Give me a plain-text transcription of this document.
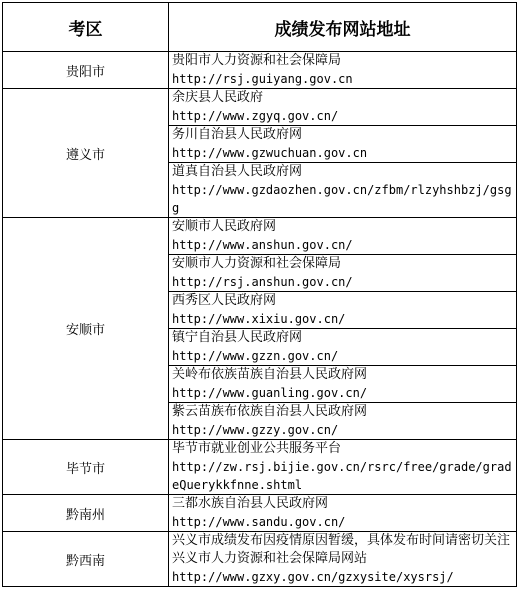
考区	成绩发布网站地址
贵阳市	贵阳市人力资源和社会保障局
http://rsj.guiyang.gov.cn

遵义市	余庆县人民政府
http://www.zgyq.gov.cn/

	务川自治县人民政府网
http://www.gzwuchuan.gov.cn

	道真自治县人民政府网
http://www.gzdaozhen.gov.cn/zfbm/rlzyhshbzj/gsgg

安顺市	安顺市人民政府网
http://www.anshun.gov.cn/

	安顺市人力资源和社会保障局
http://rsj.anshun.gov.cn/

	西秀区人民政府网
http://www.xixiu.gov.cn/

	镇宁自治县人民政府网
http://www.gzzn.gov.cn/

	关岭布依族苗族自治县人民政府网
http://www.guanling.gov.cn/

	紫云苗族布依族自治县人民政府网
http://www.gzzy.gov.cn/

毕节市	毕节市就业创业公共服务平台
http://zw.rsj.bijie.gov.cn/rsrc/free/grade/gradeQuerykkfnne.shtml

黔南州	三都水族自治县人民政府网
http://www.sandu.gov.cn/

黔西南	兴义市成绩发布因疫情原因暂缓，具体发布时间请密切关注兴义市人力资源和社会保障局网站
http://www.gzxy.gov.cn/gzxysite/xysrsj/
